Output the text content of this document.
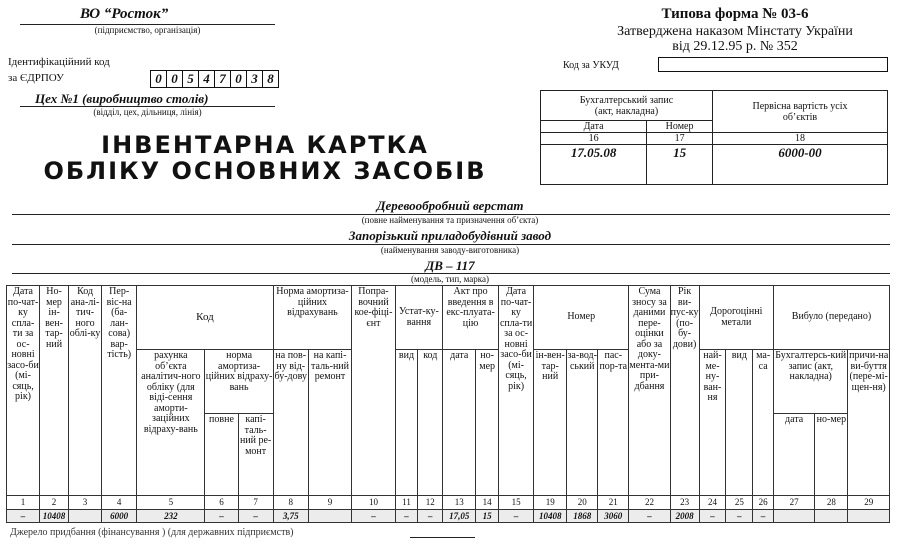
ВО “Росток”
(підприємство, організація)
Ідентифікаційний код
за ЄДРПОУ	0 0 5 4 7 0 3 8
Цех №1 (виробництво столів)
(відділ, цех, дільниця, лінія)
ІНВЕНТАРНА КАРТКА
ОБЛІКУ ОСНОВНИХ ЗАСОБІВ
Типова форма № 03-6
Затверджена наказом Мінстату України
від 29.12.95 р. № 352
Код за УКУД
Бухгалтерський запис
(акт, накладна)		Первісна вартість усіх
об’єктів
Дата	Номер	
16	17	18
17.05.08	15	6000-00
Деревообробний верстат
(повне найменування та призначення об’єкта)
Запорізький приладобудівний завод
(найменування заводу-виготовника)
ДВ – 117
(модель, тип, марка)
Дата по-чат-ку спла-ти за ос-новні засо-би (мі-сяць, рік)	Но-мер ін-вен-тар-ний	Код ана-лі-тич-ного облі-ку	Пер-віс-на (ба-лан-сова) вар-тість)	Код			Норма амортиза-ційних відрахувань		Попра-вочний кое-фіці-єнт	Устат-ку-вання		Акт про введення в екс-плуата-цію		Дата по-чат-ку спла-ти за ос-новні засо-би (мі-сяць, рік)	Номер			Сума зносу за даними пере-оцінки або за доку-мента-ми при-дбання	Рік ви-пус-ку (по-бу-дови)	Дорогоцінні метали			Вибуло (передано)		
				рахунка об’єкта аналітич-ного обліку (для віді-сення аморти-заційних відраху-вань	норма амортиза-ційних відраху-вань		на пов-ну від-бу-дову	на капі-таль-ний ремонт		вид	код	дата	но-мер		ін-вен-тар-ний	за-вод-ський	пас-пор-та			най-ме-ну-ван-ня	вид	ма-са	Бухгалтерсь-кий запис (акт, накладна)		причи-на ви-буття (пере-мі-щен-ня)
					повне	капі-таль-ний ре-монт																	дата	но-мер	
1	2	3	4	5	6	7	8	9	10	11	12	13	14	15	19	20	21	22	23	24	25	26	27	28	29
–	10408		6000	232	–	–	3,75		–	–	–	17,05	15	–	10408	1868	3060	–	2008	–	–	–			
Джерело придбання (фінансування ) (для державних підприємств)
